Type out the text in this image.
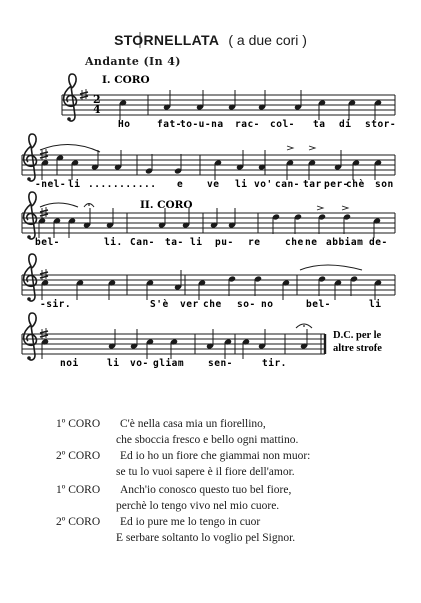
STORNELLATA ( a due cori )
Andante (In 4)
2
4
I. CORO
Ho	fat-
to-u-na rac- col- ta di stor-
-nel- li ........... e	ve li vo' can- tar per-
chè son
II. CORO
bel-	li. Can- ta- li pu- re	che ne abbiam de-
-sir.	S'è ver che so- no	bel-	li
D.C. per le
altre strofe
noi	li vo- gliam	sen-	tir.
1º CORO C'è nella casa mia un fiorellino,
che sboccia fresco e bello ogni mattino.
2º CORO Ed io ho un fiore che giammai non muor:
se tu lo vuoi sapere è il fiore dell'amor.
1º CORO Anch'io conosco questo tuo bel fiore,
perchè lo tengo vivo nel mio cuore.
2º CORO Ed io pure me lo tengo in cuor
E serbare soltanto lo voglio pel Signor.
